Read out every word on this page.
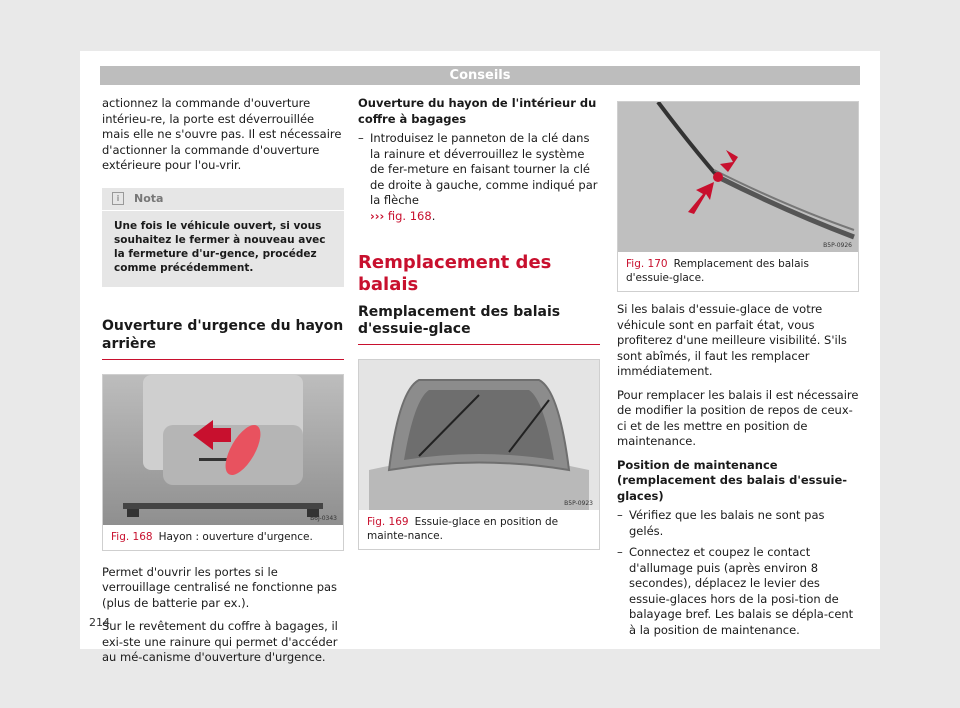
Conseils

actionnez la commande d'ouverture intérieu-re, la porte est déverrouillée mais elle ne s'ouvre pas. Il est nécessaire d'actionner la commande d'ouverture extérieure pour l'ou-vrir.

i	Nota
Une fois le véhicule ouvert, si vous souhaitez le fermer à nouveau avec la fermeture d'ur-gence, procédez comme précédemment.
Ouverture d'urgence du hayon arrière
B6J-0343
Fig. 168 Hayon : ouverture d'urgence.

Permet d'ouvrir les portes si le verrouillage centralisé ne fonctionne pas (plus de batterie par ex.).

Sur le revêtement du coffre à bagages, il exi-ste une rainure qui permet d'accéder au mé-canisme d'ouverture d'urgence.

Ouverture du hayon de l'intérieur du coffre à bagages

– Introduisez le panneton de la clé dans la rainure et déverrouillez le système de fer-meture en faisant tourner la clé de droite à gauche, comme indiqué par la flèche
››› fig. 168.
Remplacement des balais
Remplacement des balais d'essuie-glace
B5P-0923
Fig. 169 Essuie-glace en position de mainte-nance.
B5P-0926
Fig. 170 Remplacement des balais d'essuie-glace.

Si les balais d'essuie-glace de votre véhicule sont en parfait état, vous profiterez d'une meilleure visibilité. S'ils sont abîmés, il faut les remplacer immédiatement.

Pour remplacer les balais il est nécessaire de modifier la position de repos de ceux-ci et de les mettre en position de maintenance.

Position de maintenance (remplacement des balais d'essuie-glaces)

– Vérifiez que les balais ne sont pas gelés.
– Connectez et coupez le contact d'allumage puis (après environ 8 secondes), déplacez le levier des essuie-glaces hors de la posi-tion de balayage bref. Les balais se dépla-cent à la position de maintenance.
214
